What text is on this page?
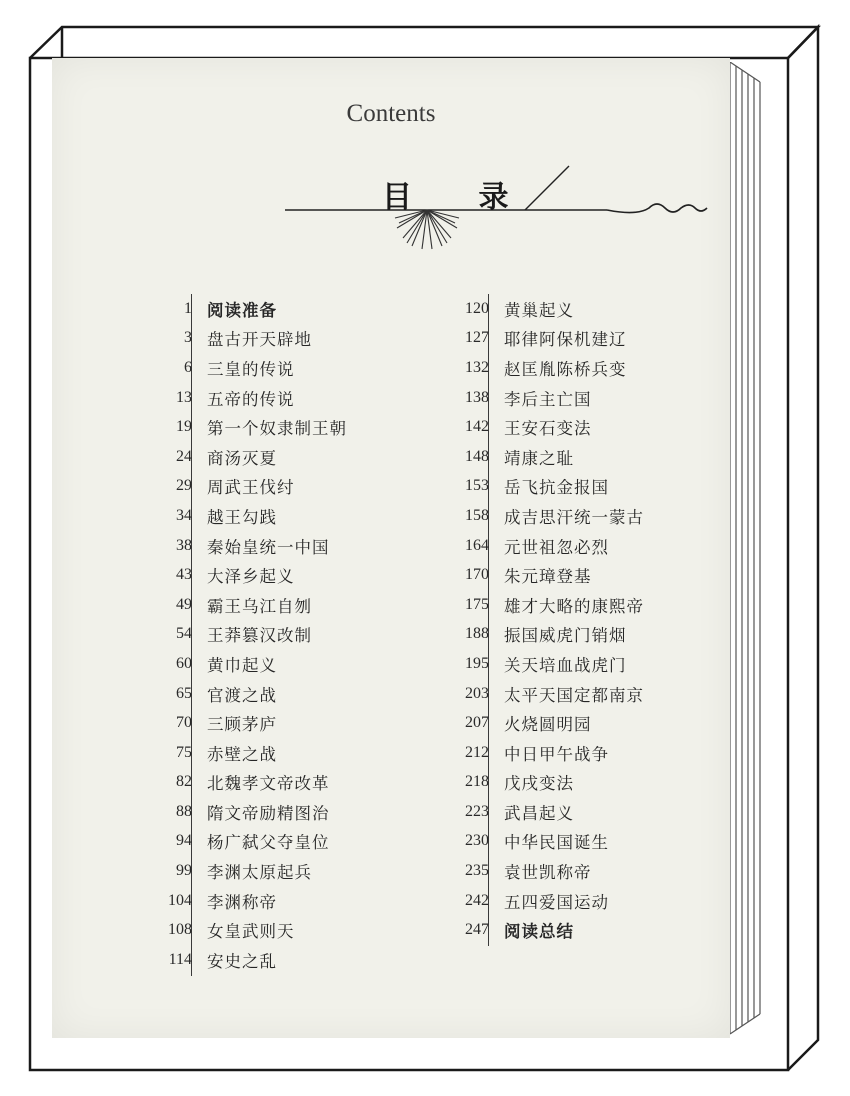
Contents
目 录
1 阅读准备
3 盘古开天辟地
6 三皇的传说
13 五帝的传说
19 第一个奴隶制王朝
24 商汤灭夏
29 周武王伐纣
34 越王勾践
38 秦始皇统一中国
43 大泽乡起义
49 霸王乌江自刎
54 王莽篡汉改制
60 黄巾起义
65 官渡之战
70 三顾茅庐
75 赤壁之战
82 北魏孝文帝改革
88 隋文帝励精图治
94 杨广弑父夺皇位
99 李渊太原起兵
104 李渊称帝
108 女皇武则天
114 安史之乱
120 黄巢起义
127 耶律阿保机建辽
132 赵匡胤陈桥兵变
138 李后主亡国
142 王安石变法
148 靖康之耻
153 岳飞抗金报国
158 成吉思汗统一蒙古
164 元世祖忽必烈
170 朱元璋登基
175 雄才大略的康熙帝
188 振国威虎门销烟
195 关天培血战虎门
203 太平天国定都南京
207 火烧圆明园
212 中日甲午战争
218 戊戌变法
223 武昌起义
230 中华民国诞生
235 袁世凯称帝
242 五四爱国运动
247 阅读总结
